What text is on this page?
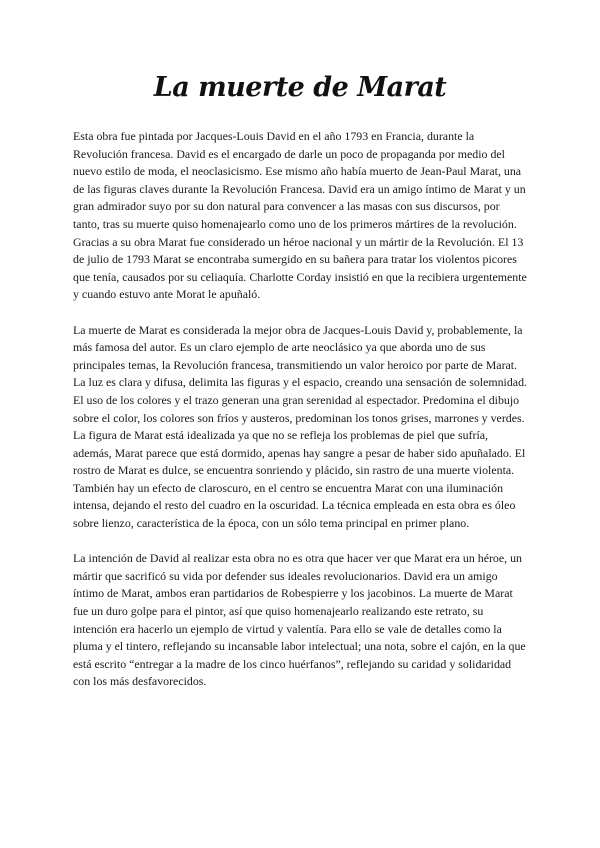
La muerte de Marat

Esta obra fue pintada por Jacques-Louis David en el año 1793 en Francia, durante la Revolución francesa. David es el encargado de darle un poco de propaganda por medio del nuevo estilo de moda, el neoclasicismo. Ese mismo año había muerto de Jean-Paul Marat, una de las figuras claves durante la Revolución Francesa. David era un amigo íntimo de Marat y un gran admirador suyo por su don natural para convencer a las masas con sus discursos, por tanto, tras su muerte quiso homenajearlo como uno de los primeros mártires de la revolución. Gracias a su obra Marat fue considerado un héroe nacional y un mártir de la Revolución. El 13 de julio de 1793 Marat se encontraba sumergido en su bañera para tratar los violentos picores que tenía, causados por su celiaquía. Charlotte Corday insistió en que la recibiera urgentemente y cuando estuvo ante Morat le apuñaló.

La muerte de Marat es considerada la mejor obra de Jacques-Louis David y, probablemente, la más famosa del autor. Es un claro ejemplo de arte neoclásico ya que aborda uno de sus principales temas, la Revolución francesa, transmitiendo un valor heroico por parte de Marat. La luz es clara y difusa, delimita las figuras y el espacio, creando una sensación de solemnidad. El uso de los colores y el trazo generan una gran serenidad al espectador. Predomina el dibujo sobre el color, los colores son fríos y austeros, predominan los tonos grises, marrones y verdes. La figura de Marat está idealizada ya que no se refleja los problemas de piel que sufría, además, Marat parece que está dormido, apenas hay sangre a pesar de haber sido apuñalado. El rostro de Marat es dulce, se encuentra sonriendo y plácido, sin rastro de una muerte violenta. También hay un efecto de claroscuro, en el centro se encuentra Marat con una iluminación intensa, dejando el resto del cuadro en la oscuridad. La técnica empleada en esta obra es óleo sobre lienzo, característica de la época, con un sólo tema principal en primer plano.

La intención de David al realizar esta obra no es otra que hacer ver que Marat era un héroe, un mártir que sacrificó su vida por defender sus ideales revolucionarios. David era un amigo íntimo de Marat, ambos eran partidarios de Robespierre y los jacobinos. La muerte de Marat fue un duro golpe para el pintor, así que quiso homenajearlo realizando este retrato, su intención era hacerlo un ejemplo de virtud y valentía. Para ello se vale de detalles como la pluma y el tintero, reflejando su incansable labor intelectual; una nota, sobre el cajón, en la que está escrito “entregar a la madre de los cinco huérfanos”, reflejando su caridad y solidaridad con los más desfavorecidos.
